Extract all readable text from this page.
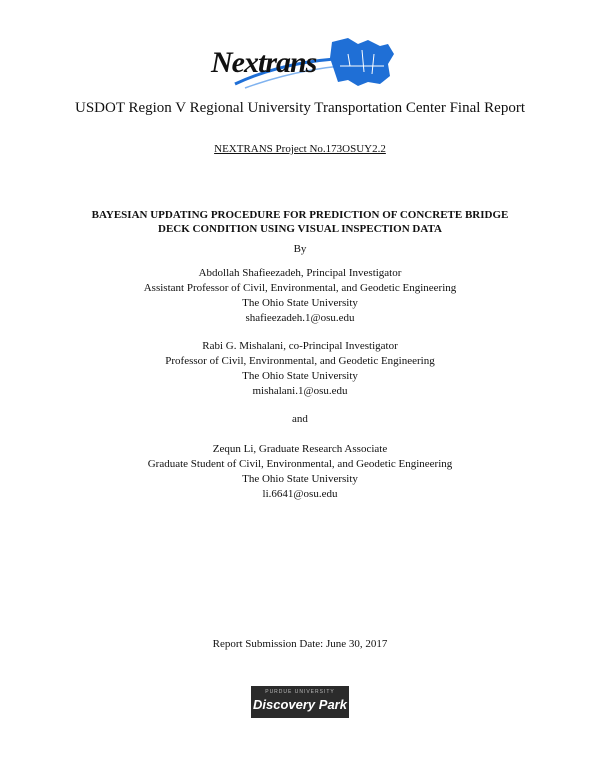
Nextrans
USDOT Region V Regional University Transportation Center Final Report
NEXTRANS Project No.173OSUY2.2
BAYESIAN UPDATING PROCEDURE FOR PREDICTION OF CONCRETE BRIDGE
DECK CONDITION USING VISUAL INSPECTION DATA
By
Abdollah Shafieezadeh, Principal Investigator
Assistant Professor of Civil, Environmental, and Geodetic Engineering
The Ohio State University
shafieezadeh.1@osu.edu
Rabi G. Mishalani, co-Principal Investigator
Professor of Civil, Environmental, and Geodetic Engineering
The Ohio State University
mishalani.1@osu.edu
and
Zequn Li, Graduate Research Associate
Graduate Student of Civil, Environmental, and Geodetic Engineering
The Ohio State University
li.6641@osu.edu
Report Submission Date: June 30, 2017
PURDUE UNIVERSITY
Discovery Park
